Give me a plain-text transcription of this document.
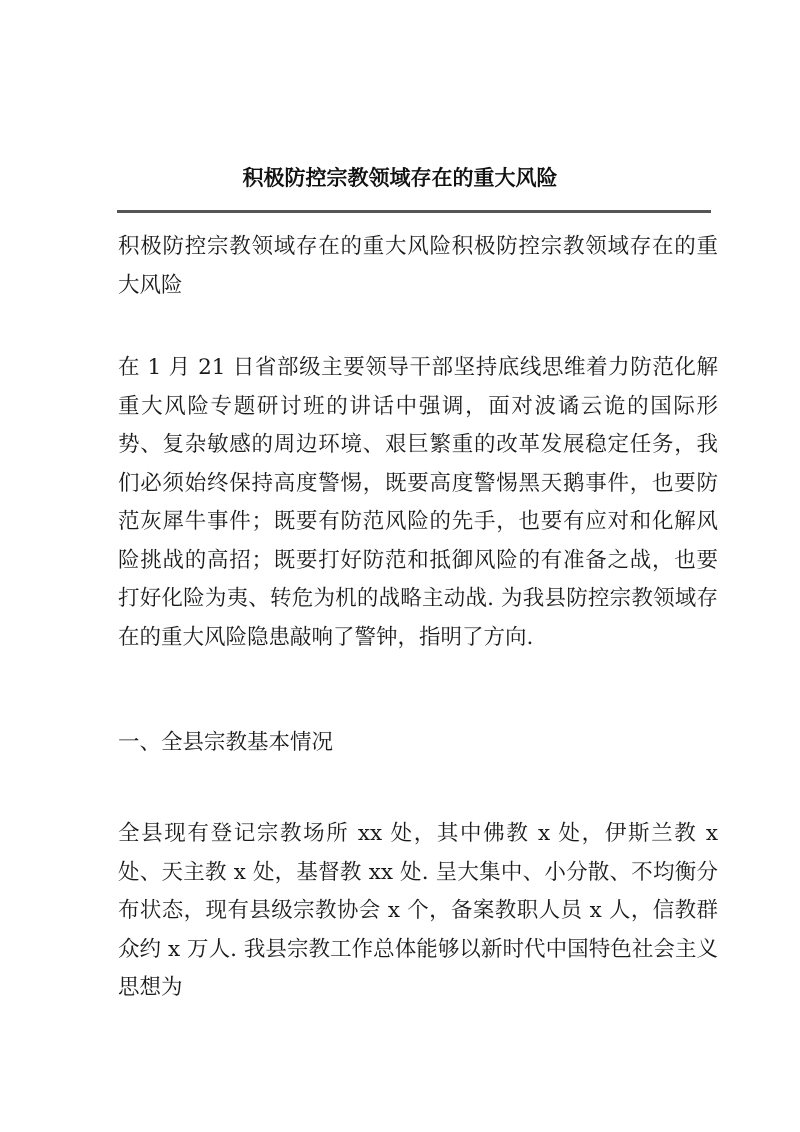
积极防控宗教领域存在的重大风险

积极防控宗教领域存在的重大风险积极防控宗教领域存在的重大风险

在 1 月 21 日省部级主要领导干部坚持底线思维着力防范化解重大风险专题研讨班的讲话中强调，面对波谲云诡的国际形势、复杂敏感的周边环境、艰巨繁重的改革发展稳定任务，我们必须始终保持高度警惕，既要高度警惕黑天鹅事件，也要防范灰犀牛事件；既要有防范风险的先手，也要有应对和化解风险挑战的高招；既要打好防范和抵御风险的有准备之战，也要打好化险为夷、转危为机的战略主动战. 为我县防控宗教领域存在的重大风险隐患敲响了警钟，指明了方向.

一、全县宗教基本情况

全县现有登记宗教场所 xx 处，其中佛教 x 处，伊斯兰教 x 处、天主教 x 处，基督教 xx 处. 呈大集中、小分散、不均衡分布状态，现有县级宗教协会 x 个，备案教职人员 x 人，信教群众约 x 万人. 我县宗教工作总体能够以新时代中国特色社会主义思想为
